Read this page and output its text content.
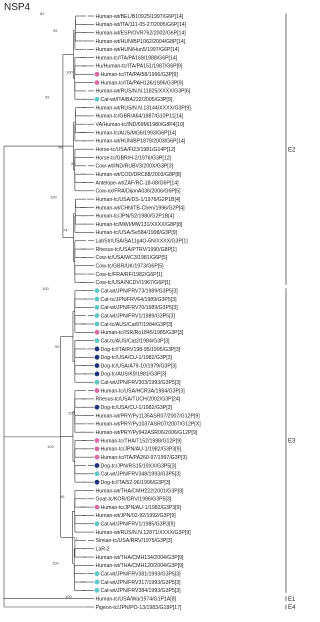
NSP4
Human-wt/BEL/B10925/1997/G6P[14]
Human-wt/ITA/111-05-27/2005/G6P[14]
Human-wt/ESP/OVR762/2002/G6P[14]
Human-wt/HUN/BP1062/2004/G8P[14]
Human-wt/HUN/Hun5/1997/G6P[14]
Human-tc/ITA/PA169/1988/G6P[14]
Hu/Human-tc/ITA/PA151/1987/G6P[9]
Human-tc/ITA/PAI58/1996/G3P[9]
Human-tc/ITA/PAH136/1996/G3P[9]
Human-wt/RUS/N.N.11825/XXXX/G3P[6]
Cat-wt/ITA/BA222/2005/G3P[9]
Human-wt/RUS/N.N.13144/XXXX/G3P[9]
Human-tc/GBR/A64/1987/G10P11[14]
VA/Human-tc/IND/69M/1980/G8P4[10]
Human-tc/AUS/MG6/1993/G6P[14]
Human-wt/HUN/BP1879/2003/G6P[14]
Horse-tc/USA/FI23/1981/G14P[12]
Horse-tc/GBR/H-2/1976/G3P[12]
Cow-wt/IND/RUBV3/200X/G3P[3]
Human-wt/COD/DRC88/2003/G8P[8]
Antelope-wt/ZAF/RC-18-08/G6P[14]
Cow-xx/FRA/DijonA036/2006/G6P[5]
Human-tc/USA/DS-1/1976/G2P1B[4]
Human-wt/CHN/TB-Chen/1996/G2P[4]
Human-tc/JPN/S2/1980/G2P1B[4]
Human-tc/MWI/MW131/XXXX/G8P[8]
Human-tc/USA/Se584/1998/G3P[9]
LabStr/USA/SA11g4O-6N/XXXX/G3P[1]
Rhesus-tc/USA/PTRV/1990/G8P[1]
Cow-tc/USA/WC3/1981/G6P[5]
Cow-tc/GBR/UK/1973/G6P[5]
Cow-tc/FRA/RF/1982/G6P[1]
Cow-tc/USA/NCDV/1967/G6P[1]
Cat-wt/JPN/FRV73/1989/G3P5[3]
Cat-tc/JPN/FRV64/1989/G3P5[3]
Cat-wt/JPN/FRV70/1989/G3P5[3]
Cat-wt/JPN/FRV1/1989/G3P5[3]
Cat-tc/AUS/Cat97/1984/G3P[3]
Human-tc/ISR/Ro1845/1985/G3P[3]
Cat-tc/AUS/Cat2/1984/G3P[3]
Dog-tc/ITA/RV198-95/1995/G3P[3]
Dog-tc/USA/CU-1/1982/G3P[3]
Dog-tc/USA/A79-10/1979/G3P[3]
Dog-tc/AUS/K9/1981/G3P[3]
Cat-wt/JPN/FRV303/1993/G3P5[3]
Human-tc/USA/HCR3A/1984/G3P[3]
Rhesus-tc/USA/TUCH/2002/G3P[24]
Dog-tc/USA/CU-1/1982/G3P[3]
Human-wt/PRY/Py1135ASR07/2007/G12P[9]
Human-wt/PRY/Py1037ASR07/2007/G12P[X]
Human-wt/PRY/Py942ASR06/2006/G12P[9]
Human-tc/THA/T152/1998/G12P[9]
Human-tc/JPN/AU-1/1982/G3P3[9]
Human-tc/ITA/PA260-97/1997/G3P[3]
Dog-tc/JPN/RS15/19XX/G3P5[3]
Cat-wt/JPN/FRV348/1993/G3P5[3]
Dog-tc/ITA/52-96/1996/G3P[3]
Human-wt/THA/CMH222/2001/G3P[3]
Goat-tc/KOR/GRV/1996/G3P5[3]
Human-tc/JPN/AU-1/1982/G3P3[9]
Human-wt/JPN/02-92/1992/G3P[9]
Cat-wt/JPN/FRV1/1985/G3P3[9]
Human-wt/RUS/N.N.12871/XXXX/G3P[9]
Simian-tc/USA/RRV/1975/G3P[3]
LaR-2
Human-wt/THA/CMH134/2004/G3P[9]
Human-wt/THA/CMH120/2004/G3P[9]
Cat-wt/JPN/FRV381/1993/G3P5[3]
Cat-wt/JPN/FRV317/1993/G3P5[3]
Cat-wt/JPN/FRV384/1993/G3P5[3]
Human-tc/USA/Wa/1974/G1P1A[8]
Pigeon-tc/JPN/PO-13/1983/G18P[17]
82
95
100
99
98
95
100
74
100
99
100
100
96
51
100
100
E2
E3
E1
E4
